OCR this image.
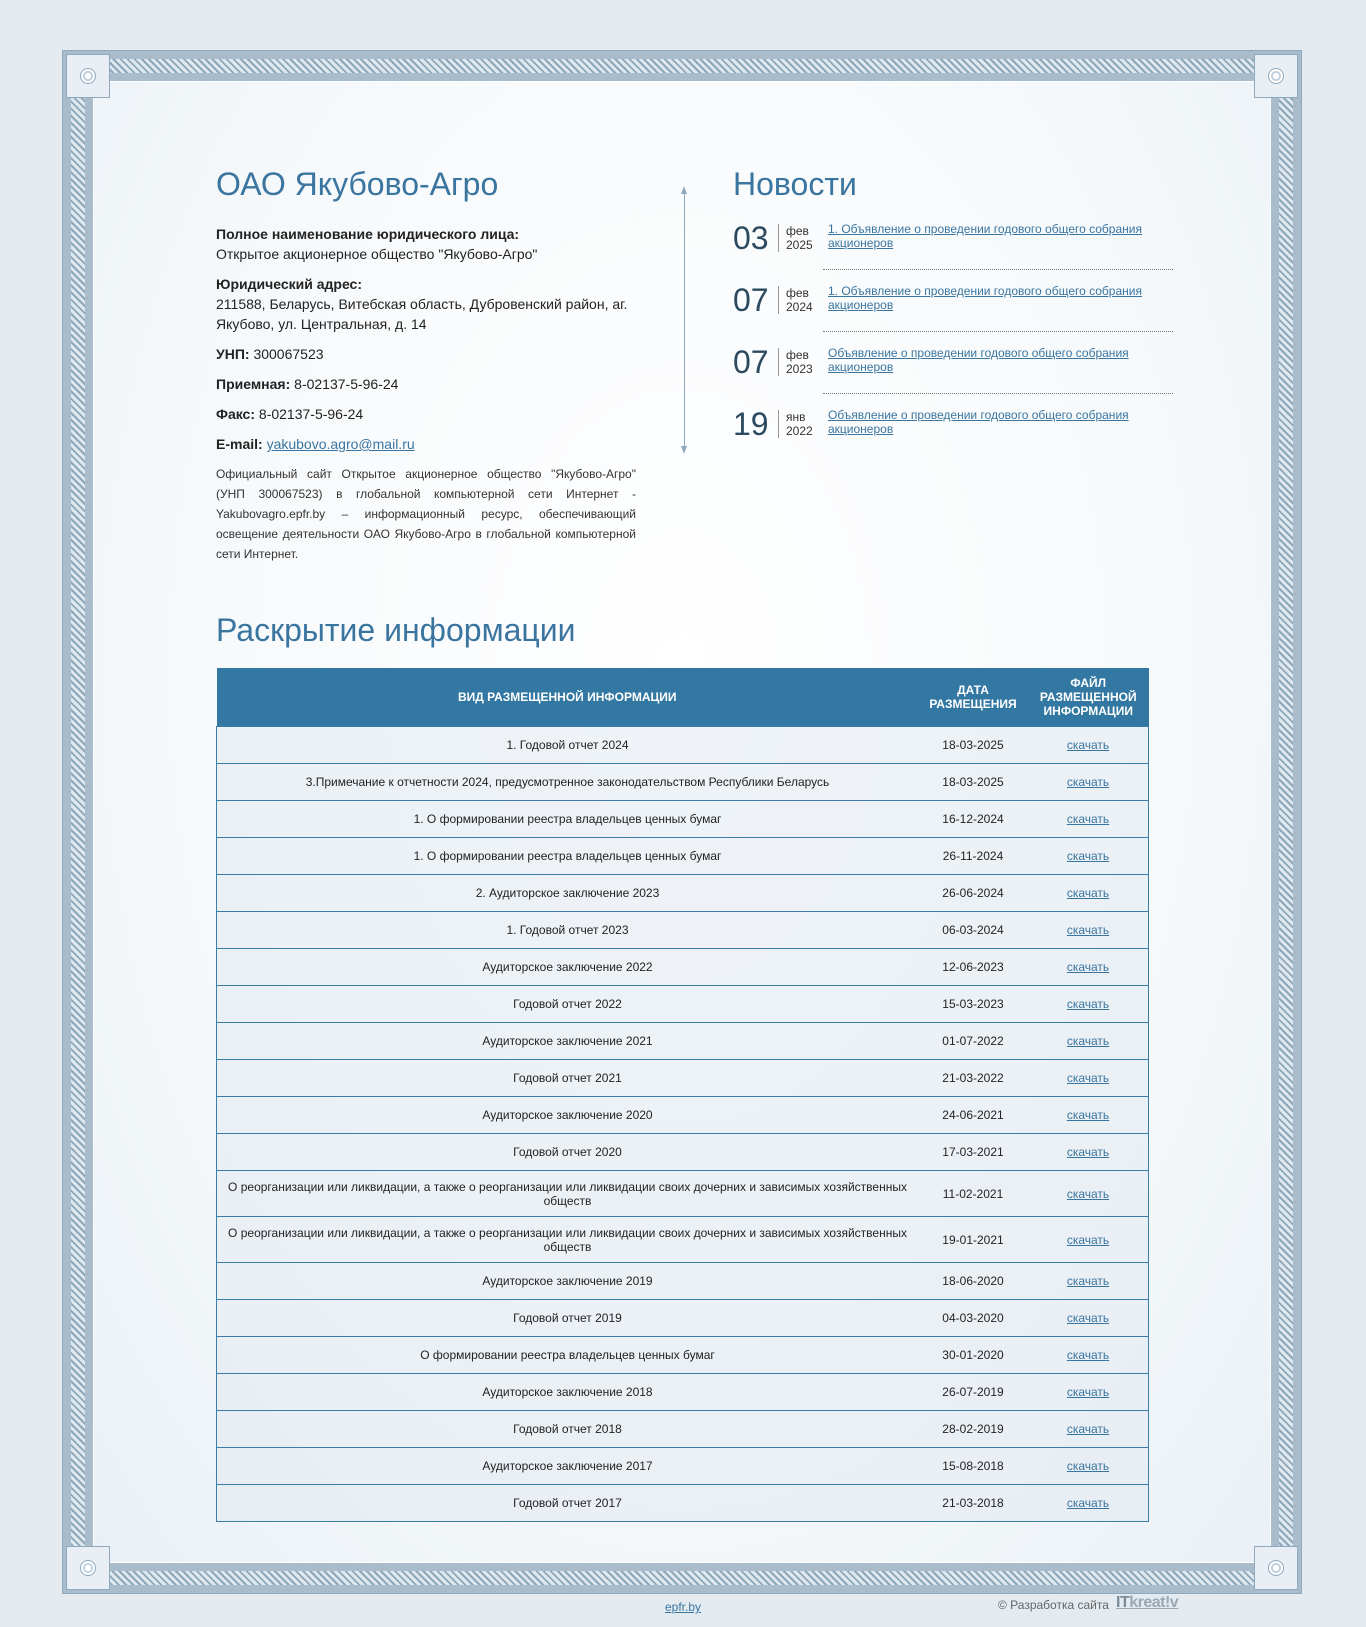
ОАО Якубово-Агро
Полное наименование юридического лица:
Открытое акционерное общество "Якубово-Агро"
Юридический адрес:
211588, Беларусь, Витебская область, Дубровенский район, аг. Якубово, ул. Центральная, д. 14
УНП: 300067523
Приемная: 8-02137-5-96-24
Факс: 8-02137-5-96-24
E-mail: yakubovo.agro@mail.ru
Официальный сайт Открытое акционерное общество "Якубово-Агро" (УНП 300067523) в глобальной компьютерной сети Интернет - Yakubovagro.epfr.by – информационный ресурс, обеспечивающий освещение деятельности ОАО Якубово-Агро в глобальной компьютерной сети Интернет.
Новости
03	фев
2025
1. Объявление о проведении годового общего собрания акционеров
07	фев
2024
1. Объявление о проведении годового общего собрания акционеров
07	фев
2023
Объявление о проведении годового общего собрания акционеров
19	янв
2022
Объявление о проведении годового общего собрания акционеров
Раскрытие информации
ВИД РАЗМЕЩЕННОЙ ИНФОРМАЦИИ	ДАТА РАЗМЕЩЕНИЯ	ФАЙЛ РАЗМЕЩЕННОЙ ИНФОРМАЦИИ
1. Годовой отчет 2024	18-03-2025	скачать
3.Примечание к отчетности 2024, предусмотренное законодательством Республики Беларусь	18-03-2025	скачать
1. О формировании реестра владельцев ценных бумаг	16-12-2024	скачать
1. О формировании реестра владельцев ценных бумаг	26-11-2024	скачать
2. Аудиторское заключение 2023	26-06-2024	скачать
1. Годовой отчет 2023	06-03-2024	скачать
Аудиторское заключение 2022	12-06-2023	скачать
Годовой отчет 2022	15-03-2023	скачать
Аудиторское заключение 2021	01-07-2022	скачать
Годовой отчет 2021	21-03-2022	скачать
Аудиторское заключение 2020	24-06-2021	скачать
Годовой отчет 2020	17-03-2021	скачать
О реорганизации или ликвидации, а также о реорганизации или ликвидации своих дочерних и зависимых хозяйственных обществ	11-02-2021	скачать
О реорганизации или ликвидации, а также о реорганизации или ликвидации своих дочерних и зависимых хозяйственных обществ	19-01-2021	скачать
Аудиторское заключение 2019	18-06-2020	скачать
Годовой отчет 2019	04-03-2020	скачать
О формировании реестра владельцев ценных бумаг	30-01-2020	скачать
Аудиторское заключение 2018	26-07-2019	скачать
Годовой отчет 2018	28-02-2019	скачать
Аудиторское заключение 2017	15-08-2018	скачать
Годовой отчет 2017	21-03-2018	скачать
epfr.by	© Разработка сайта ITkreat!v
